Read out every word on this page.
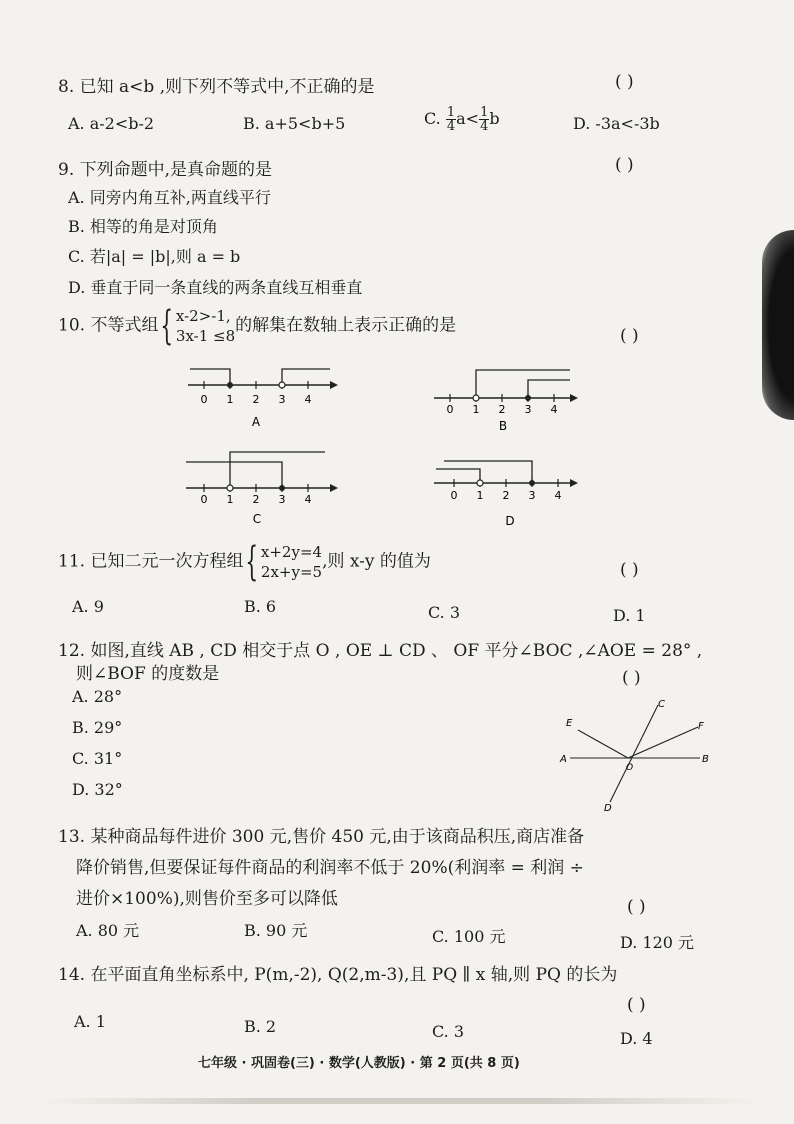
8. 已知 a<b ,则下列不等式中,不正确的是	( )
A. a-2<b-2	B. a+5<b+5	C. $\frac{1}{4} a< \frac{1}{4}$ b	D. -3a<-3b
9. 下列命题中,是真命题的是	( )
A. 同旁内角互补,两直线平行
B. 相等的角是对顶角
C. 若|a| = |b|,则 a = b
D. 垂直于同一条直线的两条直线互相垂直
10. 不等式组{ x-2>-1,
3x-1 ≤8
的解集在数轴上表示正确的是
( )
0 1 2 3 4
A
0 1 2 3 4
B
0 1 2 3 4
C
0 1 2 3 4
D
11. 已知二元一次方程组{ x+2y=4
2x+y=5
,则 x-y 的值为	( )
A. 9	B. 6	C. 3	D. 1
12. 如图,直线 AB , CD 相交于点 O , OE ⊥ CD 、 OF 平分∠BOC ,∠AOE = 28° ,
则∠BOF 的度数是	( )
A. 28°
B. 29°
C. 31°
D. 32°
A	B
C
D
E	F
O
13. 某种商品每件进价 300 元,售价 450 元,由于该商品积压,商店准备
降价销售,但要保证每件商品的利润率不低于 20%(利润率 = 利润 ÷
进价×100%),则售价至多可以降低	( )
A. 80 元	B. 90 元	C. 100 元	D. 120 元
14. 在平面直角坐标系中, P(m,-2), Q(2,m-3),且 PQ ∥ x 轴,则 PQ 的长为
( )
A. 1	B. 2	C. 3	D. 4
七年级 · 巩固卷(三) · 数学(人教版) · 第 2 页(共 8 页)
